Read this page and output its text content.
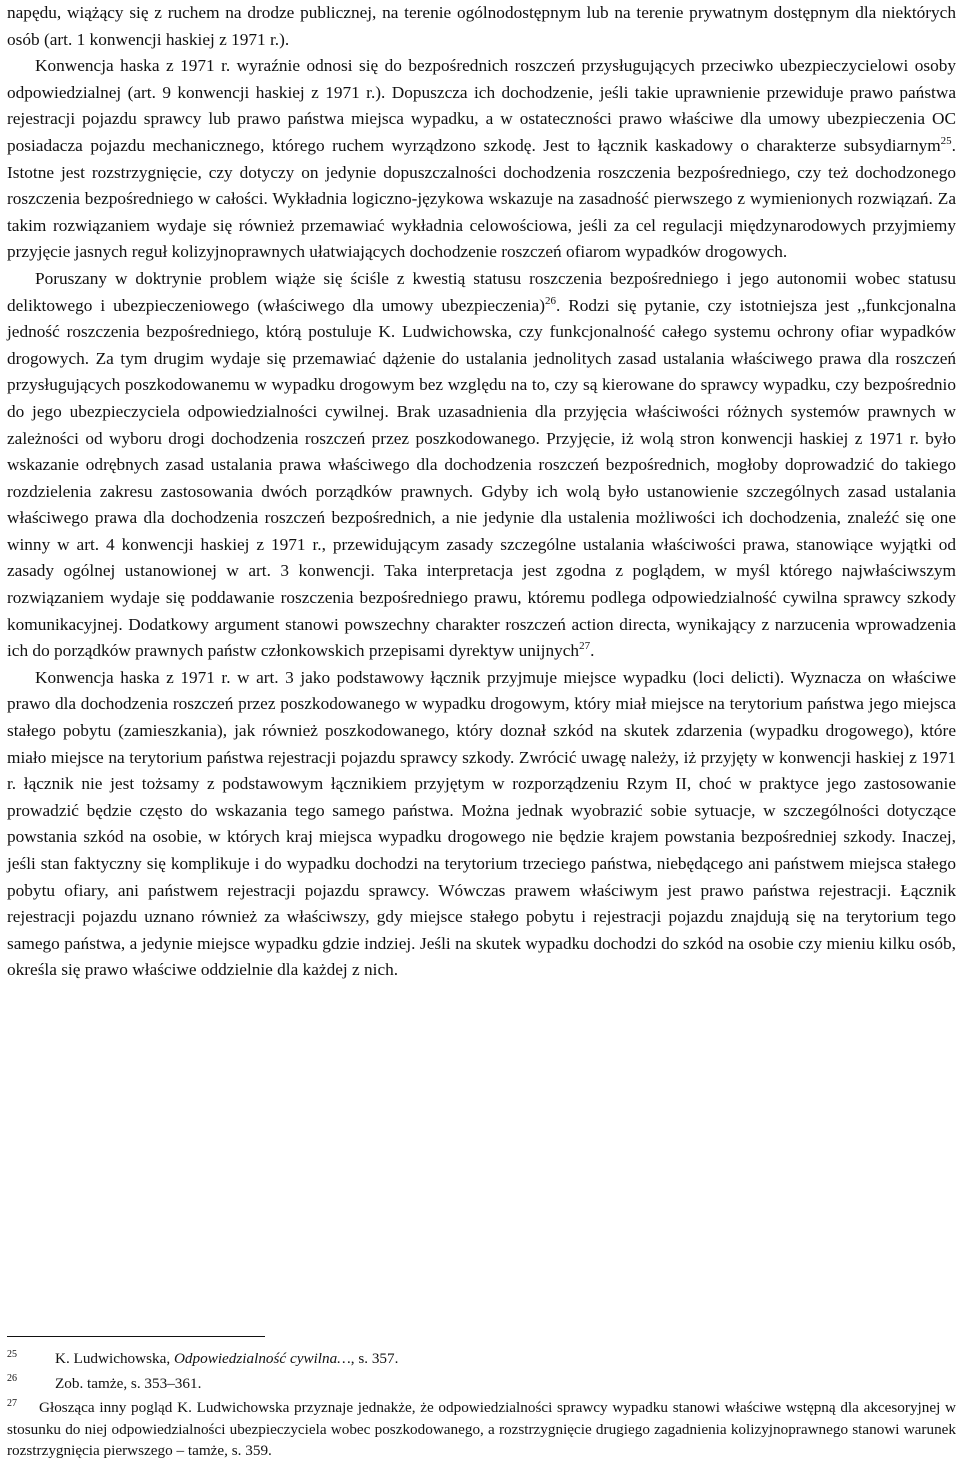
napędu, wiążący się z ruchem na drodze publicznej, na terenie ogólnodostępnym lub na terenie prywatnym dostępnym dla niektórych osób (art. 1 konwencji haskiej z 1971 r.).

Konwencja haska z 1971 r. wyraźnie odnosi się do bezpośrednich roszczeń przysługujących przeciwko ubezpieczycielowi osoby odpowiedzialnej (art. 9 konwencji haskiej z 1971 r.). Dopuszcza ich dochodzenie, jeśli takie uprawnienie przewiduje prawo państwa rejestracji pojazdu sprawcy lub prawo państwa miejsca wypadku, a w ostateczności prawo właściwe dla umowy ubezpieczenia OC posiadacza pojazdu mechanicznego, którego ruchem wyrządzono szkodę. Jest to łącznik kaskadowy o charakterze subsydiarnym$^{25}$. Istotne jest rozstrzygnięcie, czy dotyczy on jedynie dopuszczalności dochodzenia roszczenia bezpośredniego, czy też dochodzonego roszczenia bezpośredniego w całości. Wykładnia logiczno-językowa wskazuje na zasadność pierwszego z wymienionych rozwiązań. Za takim rozwiązaniem wydaje się również przemawiać wykładnia celowościowa, jeśli za cel regulacji międzynarodowych przyjmiemy przyjęcie jasnych reguł kolizyjnoprawnych ułatwiających dochodzenie roszczeń ofiarom wypadków drogowych.

Poruszany w doktrynie problem wiąże się ściśle z kwestią statusu roszczenia bezpośredniego i jego autonomii wobec statusu deliktowego i ubezpieczeniowego (właściwego dla umowy ubezpieczenia)$^{26}$. Rodzi się pytanie, czy istotniejsza jest ,,funkcjonalna jedność roszczenia bezpośredniego, którą postuluje K. Ludwichowska, czy funkcjonalność całego systemu ochrony ofiar wypadków drogowych. Za tym drugim wydaje się przemawiać dążenie do ustalania jednolitych zasad ustalania właściwego prawa dla roszczeń przysługujących poszkodowanemu w wypadku drogowym bez względu na to, czy są kierowane do sprawcy wypadku, czy bezpośrednio do jego ubezpieczyciela odpowiedzialności cywilnej. Brak uzasadnienia dla przyjęcia właściwości różnych systemów prawnych w zależności od wyboru drogi dochodzenia roszczeń przez poszkodowanego. Przyjęcie, iż wolą stron konwencji haskiej z 1971 r. było wskazanie odrębnych zasad ustalania prawa właściwego dla dochodzenia roszczeń bezpośrednich, mogłoby doprowadzić do takiego rozdzielenia zakresu zastosowania dwóch porządków prawnych. Gdyby ich wolą było ustanowienie szczególnych zasad ustalania właściwego prawa dla dochodzenia roszczeń bezpośrednich, a nie jedynie dla ustalenia możliwości ich dochodzenia, znaleźć się one winny w art. 4 konwencji haskiej z 1971 r., przewidującym zasady szczególne ustalania właściwości prawa, stanowiące wyjątki od zasady ogólnej ustanowionej w art. 3 konwencji. Taka interpretacja jest zgodna z poglądem, w myśl którego najwłaściwszym rozwiązaniem wydaje się poddawanie roszczenia bezpośredniego prawu, któremu podlega odpowiedzialność cywilna sprawcy szkody komunikacyjnej. Dodatkowy argument stanowi powszechny charakter roszczeń action directa, wynikający z narzucenia wprowadzenia ich do porządków prawnych państw członkowskich przepisami dyrektyw unijnych$^{27}$.

Konwencja haska z 1971 r. w art. 3 jako podstawowy łącznik przyjmuje miejsce wypadku (loci delicti). Wyznacza on właściwe prawo dla dochodzenia roszczeń przez poszkodowanego w wypadku drogowym, który miał miejsce na terytorium państwa jego miejsca stałego pobytu (zamieszkania), jak również poszkodowanego, który doznał szkód na skutek zdarzenia (wypadku drogowego), które miało miejsce na terytorium państwa rejestracji pojazdu sprawcy szkody. Zwrócić uwagę należy, iż przyjęty w konwencji haskiej z 1971 r. łącznik nie jest tożsamy z podstawowym łącznikiem przyjętym w rozporządzeniu Rzym II, choć w praktyce jego zastosowanie prowadzić będzie często do wskazania tego samego państwa. Można jednak wyobrazić sobie sytuacje, w szczególności dotyczące powstania szkód na osobie, w których kraj miejsca wypadku drogowego nie będzie krajem powstania bezpośredniej szkody. Inaczej, jeśli stan faktyczny się komplikuje i do wypadku dochodzi na terytorium trzeciego państwa, niebędącego ani państwem miejsca stałego pobytu ofiary, ani państwem rejestracji pojazdu sprawcy. Wówczas prawem właściwym jest prawo państwa rejestracji. Łącznik rejestracji pojazdu uznano również za właściwszy, gdy miejsce stałego pobytu i rejestracji pojazdu znajdują się na terytorium tego samego państwa, a jedynie miejsce wypadku gdzie indziej. Jeśli na skutek wypadku dochodzi do szkód na osobie czy mieniu kilku osób, określa się prawo właściwe oddzielnie dla każdej z nich.

25	K. Ludwichowska, Odpowiedzialność cywilna…, s. 357.

26	Zob. tamże, s. 353–361.

27 Głosząca inny pogląd K. Ludwichowska przyznaje jednakże, że odpowiedzialności sprawcy wypadku stanowi właściwe wstępną dla akcesoryjnej w stosunku do niej odpowiedzialności ubezpieczyciela wobec poszkodowanego, a rozstrzygnięcie drugiego zagadnienia kolizyjnoprawnego stanowi warunek rozstrzygnięcia pierwszego – tamże, s. 359.
